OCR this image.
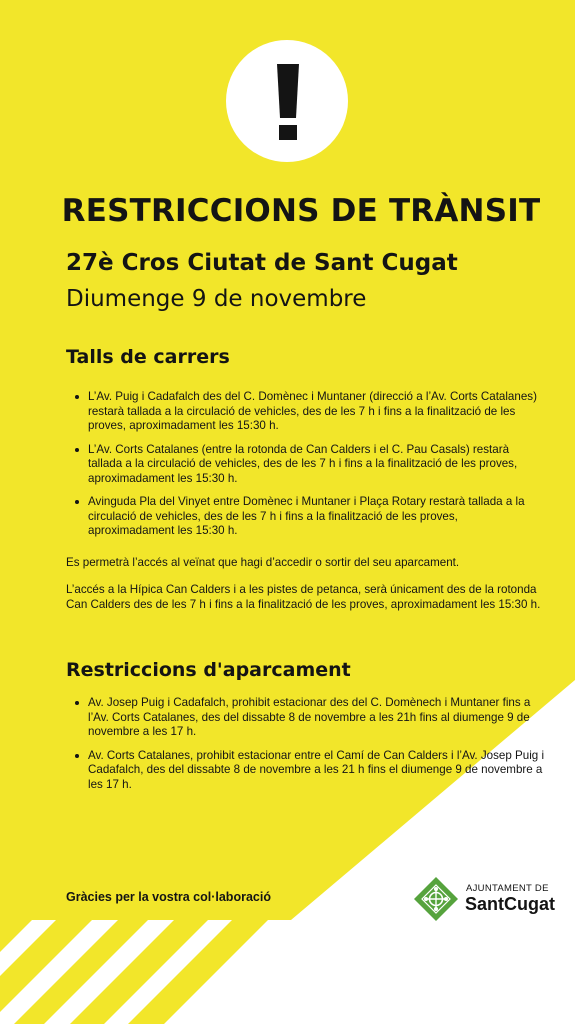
RESTRICCIONS DE TRÀNSIT
27è Cros Ciutat de Sant Cugat
Diumenge 9 de novembre
Talls de carrers
L’Av. Puig i Cadafalch des del C. Domènec i Muntaner (direcció a l’Av. Corts Catalanes) restarà tallada a la circulació de vehicles, des de les 7 h i fins a la finalització de les proves, aproximadament les 15:30 h.
L’Av. Corts Catalanes (entre la rotonda de Can Calders i el C. Pau Casals) restarà tallada a la circulació de vehicles, des de les 7 h i fins a la finalització de les proves, aproximadament les 15:30 h.
Avinguda Pla del Vinyet entre Domènec i Muntaner i Plaça Rotary restarà tallada a la circulació de vehicles, des de les 7 h i fins a la finalització de les proves, aproximadament les 15:30 h.

Es permetrà l’accés al veïnat que hagi d’accedir o sortir del seu aparcament.

L’accés a la Hípica Can Calders i a les pistes de petanca, serà únicament des de la rotonda Can Calders des de les 7 h i fins a la finalització de les proves, aproximadament les 15:30 h.

Restriccions d'aparcament
Av. Josep Puig i Cadafalch, prohibit estacionar des del C. Domènech i Muntaner fins a l’Av. Corts Catalanes, des del dissabte 8 de novembre a les 21h fins al diumenge 9 de novembre a les 17 h.
Av. Corts Catalanes, prohibit estacionar entre el Camí de Can Calders i l’Av. Josep Puig i Cadafalch, des del dissabte 8 de novembre a les 21 h fins el diumenge 9 de novembre a les 17 h.
Gràcies per la vostra col·laboració
AJUNTAMENT DE
SantCugat
